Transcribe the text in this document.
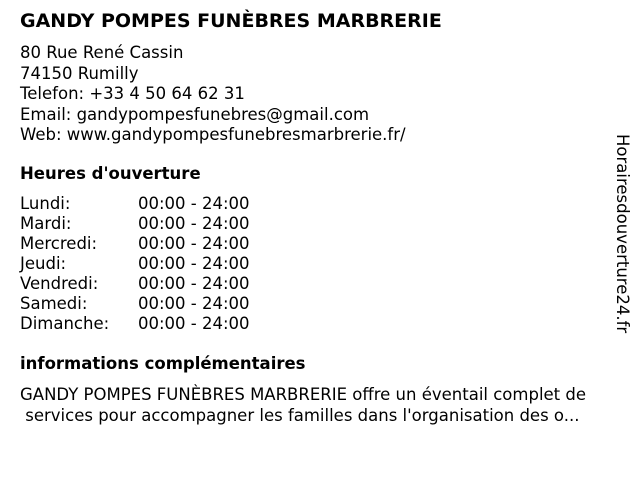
GANDY POMPES FUNÈBRES MARBRERIE
80 Rue René Cassin
74150 Rumilly
Telefon: +33 4 50 64 62 31
Email: gandypompesfunebres@gmail.com
Web: www.gandypompesfunebresmarbrerie.fr/
Heures d'ouverture
Lundi:	00:00 - 24:00
Mardi:	00:00 - 24:00
Mercredi:	00:00 - 24:00
Jeudi:	00:00 - 24:00
Vendredi:	00:00 - 24:00
Samedi:	00:00 - 24:00
Dimanche:	00:00 - 24:00
informations complémentaires
GANDY POMPES FUNÈBRES MARBRERIE offre un éventail complet de
services pour accompagner les familles dans l'organisation des o...
Horairesdouverture24.fr
